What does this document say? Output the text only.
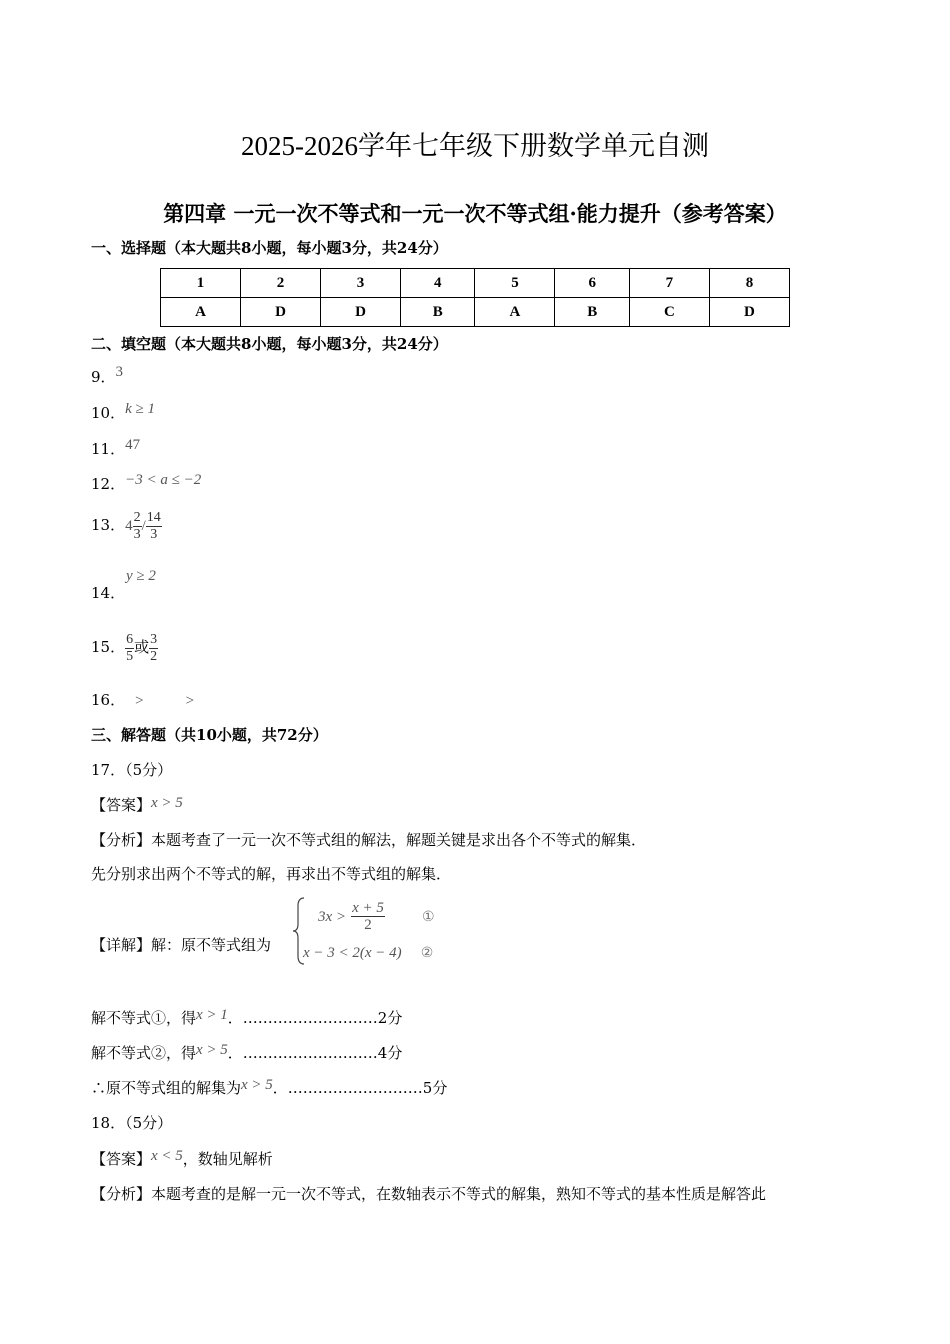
2025-2026学年七年级下册数学单元自测
第四章 一元一次不等式和一元一次不等式组·能力提升（参考答案）
一、选择题（本大题共8小题，每小题3分，共24分）
1	2	3	4	5	6	7	8
A	D	D	B	A	B	C	D
二、填空题（本大题共8小题，每小题3分，共24分）
9．3
10．k ≥ 1
11．47
12．−3 < a ≤ −2
13．$4 \frac{2}{3} / \frac{14}{3}$
14．
y ≥ 2
15． $\frac{6}{5}$ 或 $\frac{3}{2}$
16． >	>
三、解答题（共10小题，共72分）
17．（5分）
【答案】x > 5
【分析】本题考查了一元一次不等式组的解法，解题关键是求出各个不等式的解集．
先分别求出两个不等式的解，再求出不等式组的解集．
【详解】解：原不等式组为
$3x > \frac{x + 5}{2}$	①
x − 3 < 2(x − 4) ②
解不等式①，得x > 1．………………………2分
解不等式②，得x > 5．………………………4分
∴原不等式组的解集为x > 5．………………………5分
18．（5分）
【答案】x < 5，数轴见解析
【分析】本题考查的是解一元一次不等式，在数轴表示不等式的解集，熟知不等式的基本性质是解答此
